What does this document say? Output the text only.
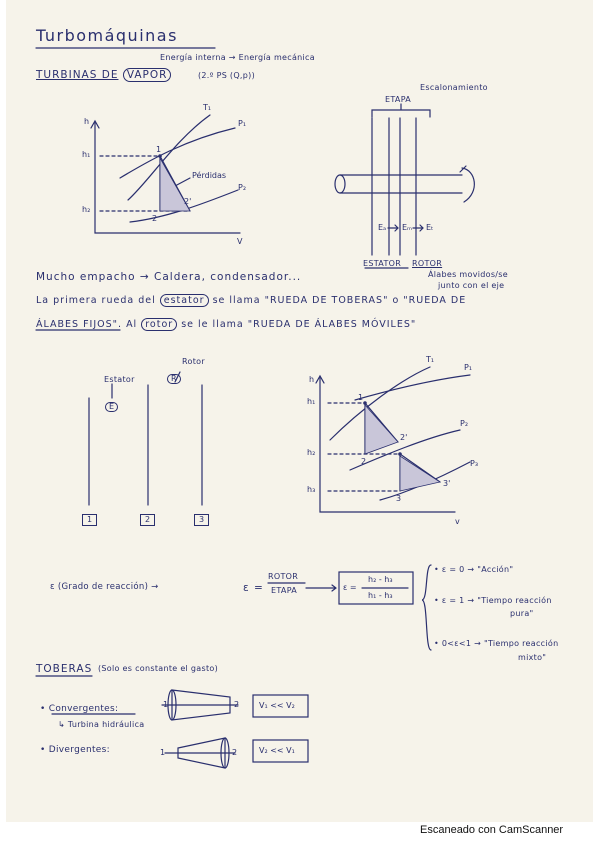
Turbomáquinas
Energía interna → Energía mecánica
TURBINAS DE VAPOR	(2.º PS (Q,p))
Escalonamiento
ETAPA
h
V
h₁
h₂
T₁
P₁
P₂
1
2
2'
Pérdidas
Eₐ Eₘ Eₜ
ESTATOR ROTOR
Álabes movidos/se
junto con el eje
Mucho empacho → Caldera, condensador...
La primera rueda del estator se llama "RUEDA DE TOBERAS" o "RUEDA DE
ÁLABES FIJOS". Al rotor se le llama "RUEDA DE ÁLABES MÓVILES"
Estator
Rotor
E
R
1	2	3
h
v
h₁
h₂
h₃
T₁
P₁
P₂
P₃
1
2
2'
3
3'
ε (Grado de reacción) →	ε =
ROTOR
ETAPA	ε =
h₂ - h₃
h₁ - h₃
• ε = 0 → "Acción"
• ε = 1 → "Tiempo reacción
pura"
• 0<ε<1 → "Tiempo reacción
mixto"
TOBERAS (Solo es constante el gasto)
• Convergentes:
↳ Turbina hidráulica
1	2 V₁ << V₂
• Divergentes:	1	2	V₂ << V₁
Escaneado con CamScanner
